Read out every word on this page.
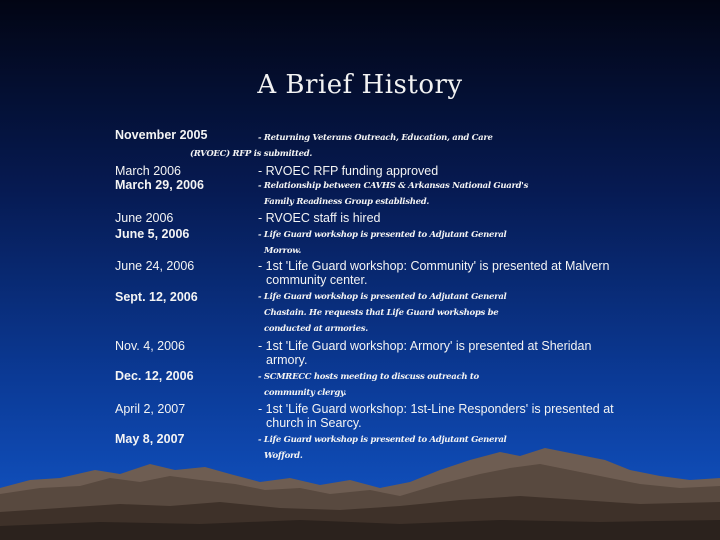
A Brief History
November 2005	- Returning Veterans Outreach, Education, and Care
(RVOEC) RFP is submitted.
March 2006	- RVOEC RFP funding approved
March 29, 2006	- Relationship between CAVHS & Arkansas National Guard's
Family Readiness Group established.
June 2006	- RVOEC staff is hired
June 5, 2006	- Life Guard workshop is presented to Adjutant General
Morrow.
June 24, 2006	- 1st 'Life Guard workshop: Community' is presented at Malvern
community center.
Sept. 12, 2006	- Life Guard workshop is presented to Adjutant General
Chastain. He requests that Life Guard workshops be
conducted at armories.
Nov. 4, 2006	- 1st 'Life Guard workshop: Armory' is presented at Sheridan
armory.
Dec. 12, 2006	- SCMRECC hosts meeting to discuss outreach to
community clergy.
April 2, 2007	- 1st 'Life Guard workshop: 1st-Line Responders' is presented at
church in Searcy.
May 8, 2007	- Life Guard workshop is presented to Adjutant General
Wofford.
